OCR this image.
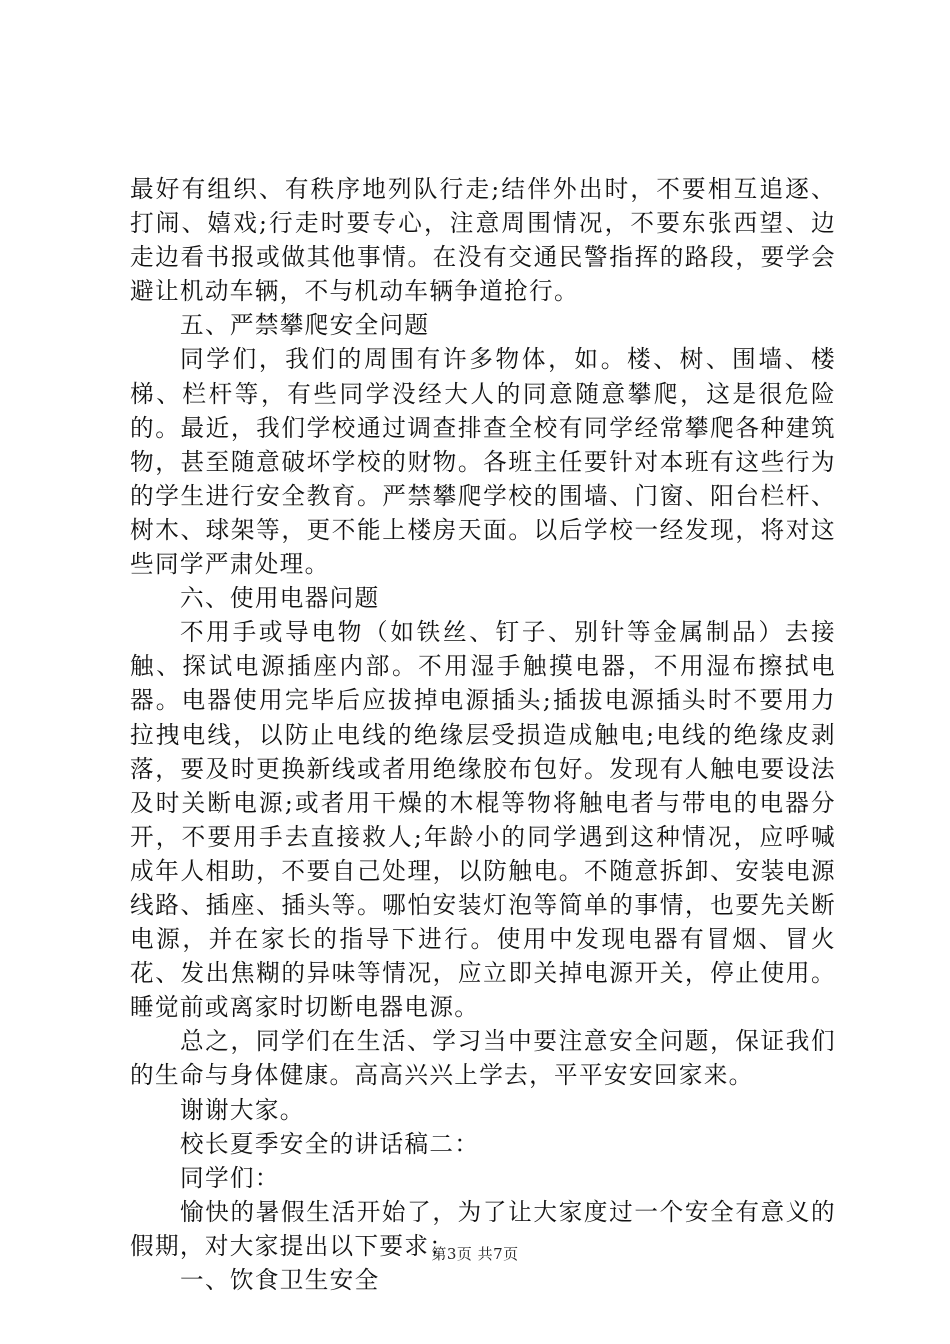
最好有组织、有秩序地列队行走;结伴外出时，不要相互追逐、打闹、嬉戏;行走时要专心，注意周围情况，不要东张西望、边走边看书报或做其他事情。在没有交通民警指挥的路段，要学会避让机动车辆，不与机动车辆争道抢行。

五、严禁攀爬安全问题

同学们，我们的周围有许多物体，如。楼、树、围墙、楼梯、栏杆等，有些同学没经大人的同意随意攀爬，这是很危险的。最近，我们学校通过调查排查全校有同学经常攀爬各种建筑物，甚至随意破坏学校的财物。各班主任要针对本班有这些行为的学生进行安全教育。严禁攀爬学校的围墙、门窗、阳台栏杆、树木、球架等，更不能上楼房天面。以后学校一经发现，将对这些同学严肃处理。

六、使用电器问题

不用手或导电物（如铁丝、钉子、别针等金属制品）去接触、探试电源插座内部。不用湿手触摸电器，不用湿布擦拭电器。电器使用完毕后应拔掉电源插头;插拔电源插头时不要用力拉拽电线，以防止电线的绝缘层受损造成触电;电线的绝缘皮剥落，要及时更换新线或者用绝缘胶布包好。发现有人触电要设法及时关断电源;或者用干燥的木棍等物将触电者与带电的电器分开，不要用手去直接救人;年龄小的同学遇到这种情况，应呼喊成年人相助，不要自己处理，以防触电。不随意拆卸、安装电源线路、插座、插头等。哪怕安装灯泡等简单的事情，也要先关断电源，并在家长的指导下进行。使用中发现电器有冒烟、冒火花、发出焦糊的异味等情况，应立即关掉电源开关，停止使用。睡觉前或离家时切断电器电源。

总之，同学们在生活、学习当中要注意安全问题，保证我们的生命与身体健康。高高兴兴上学去，平平安安回家来。

谢谢大家。

校长夏季安全的讲话稿二：

同学们：

愉快的暑假生活开始了，为了让大家度过一个安全有意义的假期，对大家提出以下要求：

一、饮食卫生安全

第3页 共7页
